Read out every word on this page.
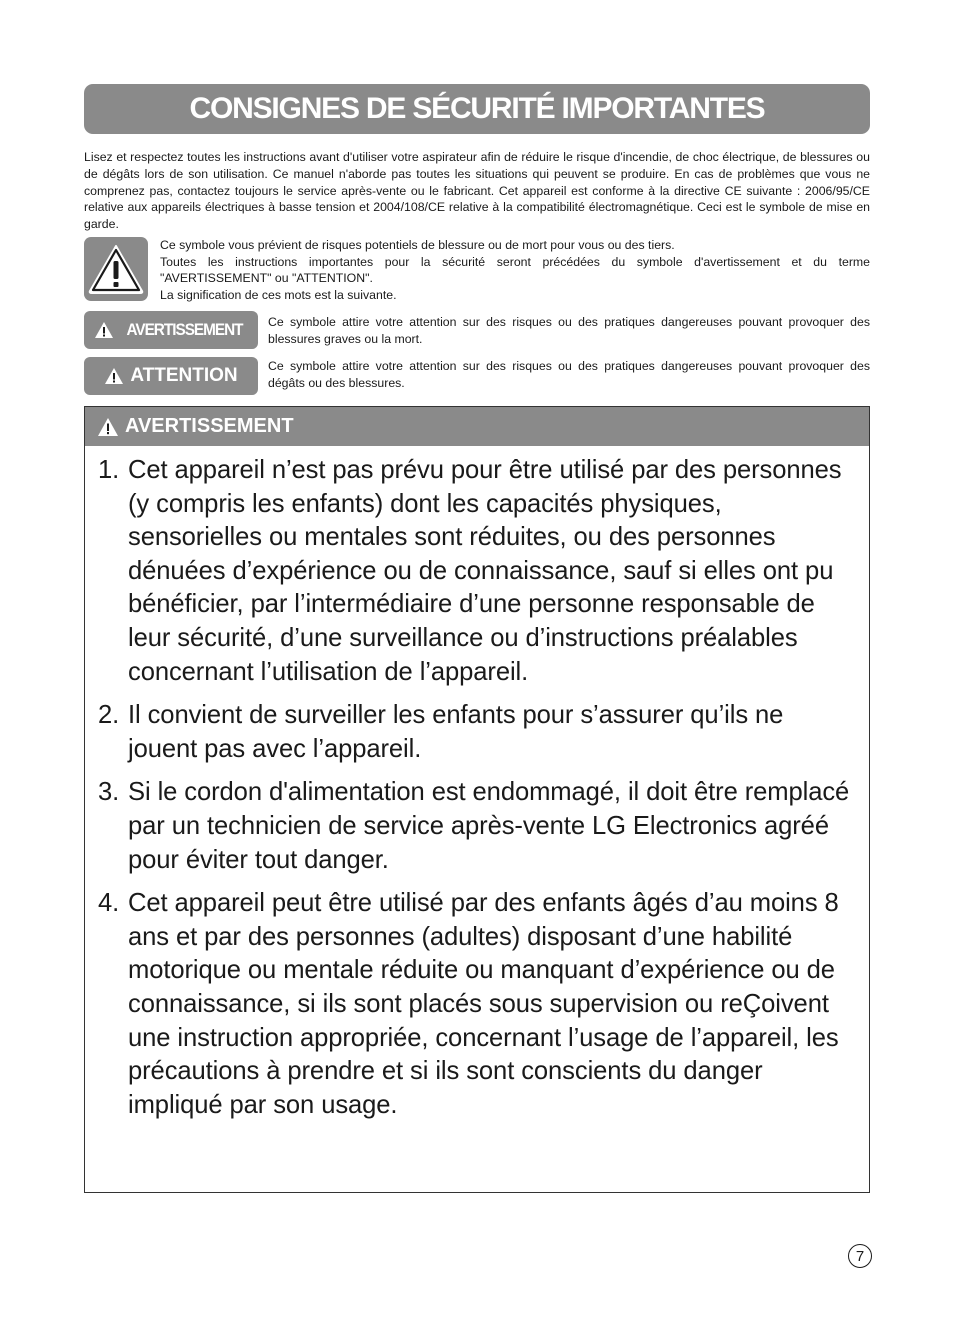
CONSIGNES DE SÉCURITÉ IMPORTANTES

Lisez et respectez toutes les instructions avant d'utiliser votre aspirateur afin de réduire le risque d'incendie, de choc électrique, de blessures ou de dégâts lors de son utilisation. Ce manuel n'aborde pas toutes les situations qui peuvent se produire. En cas de problèmes que vous ne comprenez pas, contactez toujours le service après-vente ou le fabricant. Cet appareil est conforme à la directive CE suivante : 2006/95/CE relative aux appareils électriques à basse tension et 2004/108/CE relative à la compatibilité électromagnétique. Ceci est le symbole de mise en garde.

Ce symbole vous prévient de risques potentiels de blessure ou de mort pour vous ou des tiers.

Toutes les instructions importantes pour la sécurité seront précédées du symbole d'avertissement et du terme "AVERTISSEMENT" ou "ATTENTION".

La signification de ces mots est la suivante.

AVERTISSEMENT Ce symbole attire votre attention sur des risques ou des pratiques dangereuses pouvant provoquer des blessures graves ou la mort.

ATTENTION Ce symbole attire votre attention sur des risques ou des pratiques dangereuses pouvant provoquer des dégâts ou des blessures.

AVERTISSEMENT
1. Cet appareil n’est pas prévu pour être utilisé par des personnes (y compris les enfants) dont les capacités physiques, sensorielles ou mentales sont réduites, ou des personnes dénuées d’expérience ou de connaissance, sauf si elles ont pu bénéficier, par l’intermédiaire d’une personne responsable de leur sécurité, d’une surveillance ou d’instructions préalables concernant l’utilisation de l’appareil.
2. Il convient de surveiller les enfants pour s’assurer qu’ils ne jouent pas avec l’appareil.
3. Si le cordon d'alimentation est endommagé, il doit être remplacé par un technicien de service après-vente LG Electronics agréé pour éviter tout danger.
4. Cet appareil peut être utilisé par des enfants âgés d’au moins 8 ans et par des personnes (adultes) disposant d’une habilité motorique ou mentale réduite ou manquant d’expérience ou de connaissance, si ils sont placés sous supervision ou reÇoivent une instruction appropriée, concernant l’usage de l’appareil, les précautions à prendre et si ils sont conscients du danger impliqué par son usage.
7
